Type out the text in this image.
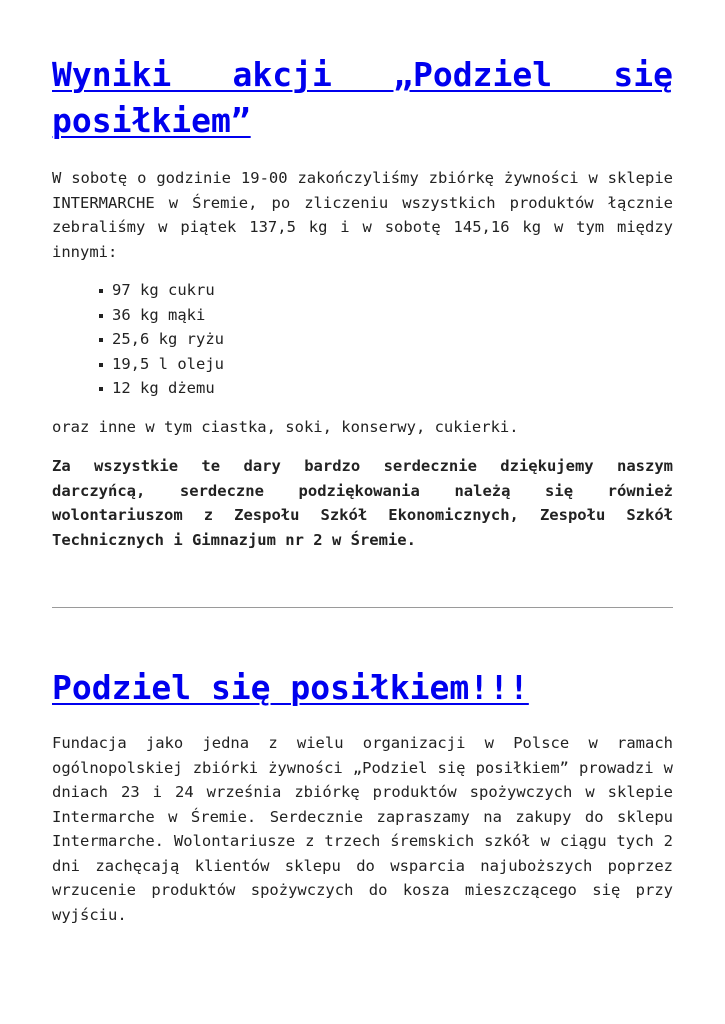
Wyniki akcji „Podziel się posiłkiem”

W sobotę o godzinie 19-00 zakończyliśmy zbiórkę żywności w sklepie INTERMARCHE w Śremie, po zliczeniu wszystkich produktów łącznie zebraliśmy w piątek 137,5 kg i w sobotę 145,16 kg w tym między innymi:

97 kg cukru
36 kg mąki
25,6 kg ryżu
19,5 l oleju
12 kg dżemu

oraz inne w tym ciastka, soki, konserwy, cukierki.

Za wszystkie te dary bardzo serdecznie dziękujemy naszym darczyńcą, serdeczne podziękowania należą się również wolontariuszom z Zespołu Szkół Ekonomicznych, Zespołu Szkół Technicznych i Gimnazjum nr 2 w Śremie.

Podziel się posiłkiem!!!

Fundacja jako jedna z wielu organizacji w Polsce w ramach ogólnopolskiej zbiórki żywności „Podziel się posiłkiem” prowadzi w dniach 23 i 24 września zbiórkę produktów spożywczych w sklepie Intermarche w Śremie. Serdecznie zapraszamy na zakupy do sklepu Intermarche. Wolontariusze z trzech śremskich szkół w ciągu tych 2 dni zachęcają klientów sklepu do wsparcia najuboższych poprzez wrzucenie produktów spożywczych do kosza mieszczącego się przy wyjściu.
